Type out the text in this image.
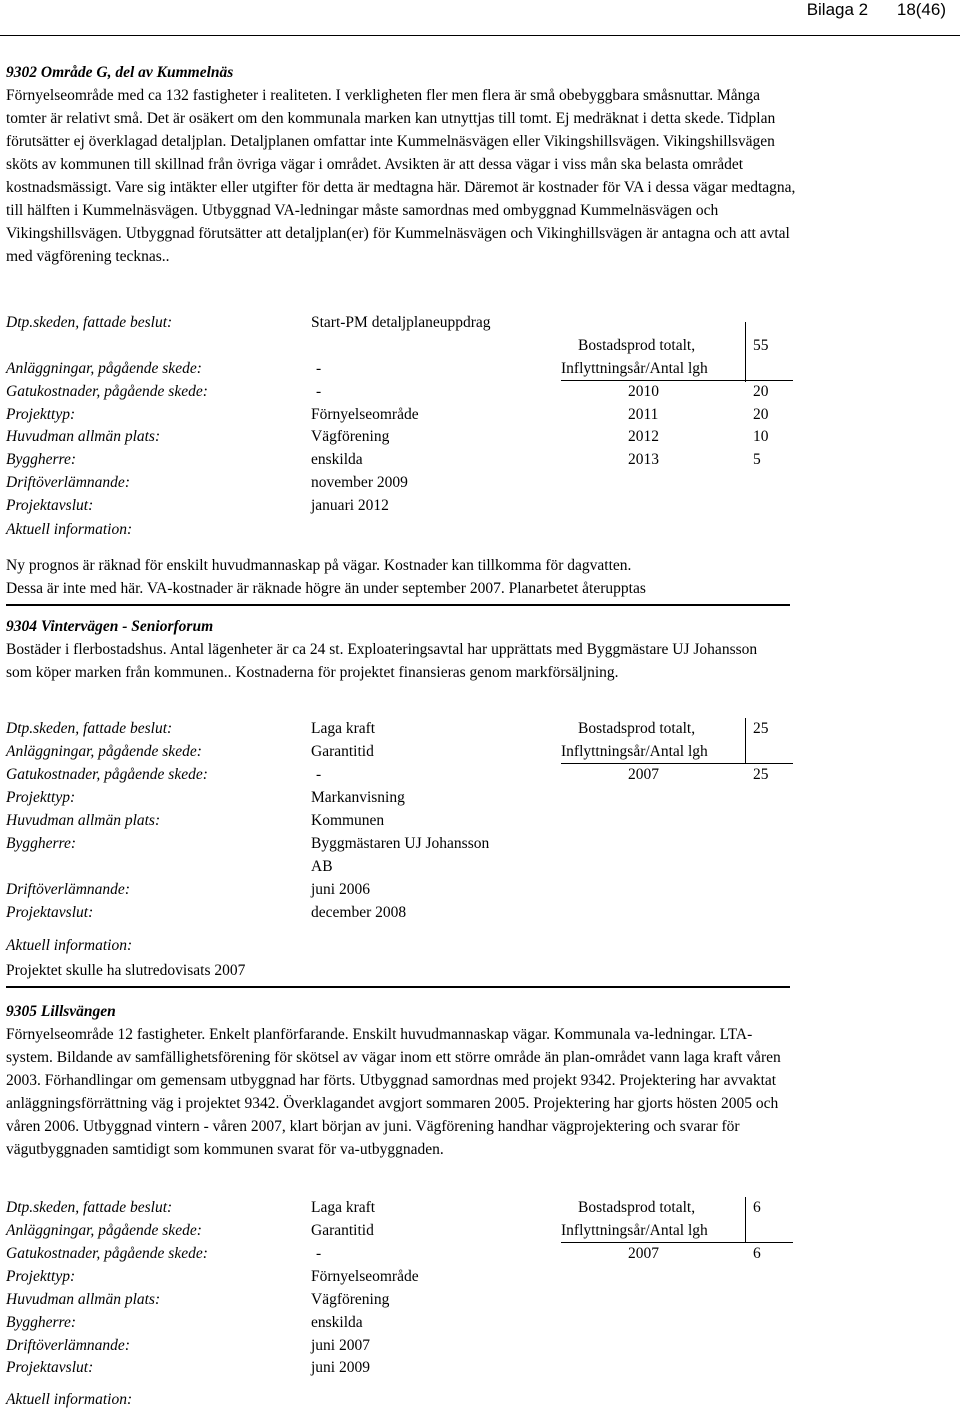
Bilaga 2 18(46)
9302 Område G, del av Kummelnäs
Förnyelseområde med ca 132 fastigheter i realiteten. I verkligheten fler men flera är små obebyggbara småsnuttar. Många tomter är relativt små. Det är osäkert om den kommunala marken kan utnyttjas till tomt. Ej medräknat i detta skede. Tidplan förutsätter ej överklagad detaljplan. Detaljplanen omfattar inte Kummelnäsvägen eller Vikingshillsvägen. Vikingshillsvägen sköts av kommunen till skillnad från övriga vägar i området. Avsikten är att dessa vägar i viss mån ska belasta området kostnadsmässigt. Vare sig intäkter eller utgifter för detta är medtagna här. Däremot är kostnader för VA i dessa vägar medtagna, till hälften i Kummelnäsvägen. Utbyggnad VA-ledningar måste samordnas med ombyggnad Kummelnäsvägen och Vikingshillsvägen. Utbyggnad förutsätter att detaljplan(er) för Kummelnäsvägen och Vikinghillsvägen är antagna och att avtal med vägförening tecknas..
Dtp.skeden, fattade beslut:	Start-PM detaljplaneuppdrag
Anläggningar, pågående skede:	-
Gatukostnader, pågående skede:	-
Projekttyp:	Förnyelseområde
Huvudman allmän plats:	Vägförening
Byggherre:	enskilda
Driftöverlämnande:	november 2009
Projektavslut:	januari 2012
Bostadsprod totalt,	55
Inflyttningsår/Antal lgh
2010	20
2011	20
2012	10
2013	5
Aktuell information:
Ny prognos är räknad för enskilt huvudmannaskap på vägar. Kostnader kan tillkomma för dagvatten.
Dessa är inte med här. VA-kostnader är räknade högre än under september 2007. Planarbetet återupptas
9304 Vintervägen - Seniorforum
Bostäder i flerbostadshus. Antal lägenheter är ca 24 st. Exploateringsavtal har upprättats med Byggmästare UJ Johansson som köper marken från kommunen.. Kostnaderna för projektet finansieras genom markförsäljning.
Dtp.skeden, fattade beslut:	Laga kraft
Anläggningar, pågående skede:	Garantitid
Gatukostnader, pågående skede:	-
Projekttyp:	Markanvisning
Huvudman allmän plats:	Kommunen
Byggherre:	Byggmästaren UJ Johansson
AB
Driftöverlämnande:	juni 2006
Projektavslut:	december 2008
Bostadsprod totalt,	25
Inflyttningsår/Antal lgh
2007	25
Aktuell information:
Projektet skulle ha slutredovisats 2007
9305 Lillsvängen
Förnyelseområde 12 fastigheter. Enkelt planförfarande. Enskilt huvudmannaskap vägar. Kommunala va-ledningar. LTA-system. Bildande av samfällighetsförening för skötsel av vägar inom ett större område än plan-området vann laga kraft våren 2003. Förhandlingar om gemensam utbyggnad har förts. Utbyggnad samordnas med projekt 9342. Projektering har avvaktat anläggningsförrättning väg i projektet 9342. Överklagandet avgjort sommaren 2005. Projektering har gjorts hösten 2005 och våren 2006. Utbyggnad vintern - våren 2007, klart början av juni. Vägförening handhar vägprojektering och svarar för vägutbyggnaden samtidigt som kommunen svarat för va-utbyggnaden.
Dtp.skeden, fattade beslut:	Laga kraft
Anläggningar, pågående skede:	Garantitid
Gatukostnader, pågående skede:	-
Projekttyp:	Förnyelseområde
Huvudman allmän plats:	Vägförening
Byggherre:	enskilda
Driftöverlämnande:	juni 2007
Projektavslut:	juni 2009
Bostadsprod totalt,	6
Inflyttningsår/Antal lgh
2007	6
Aktuell information:
